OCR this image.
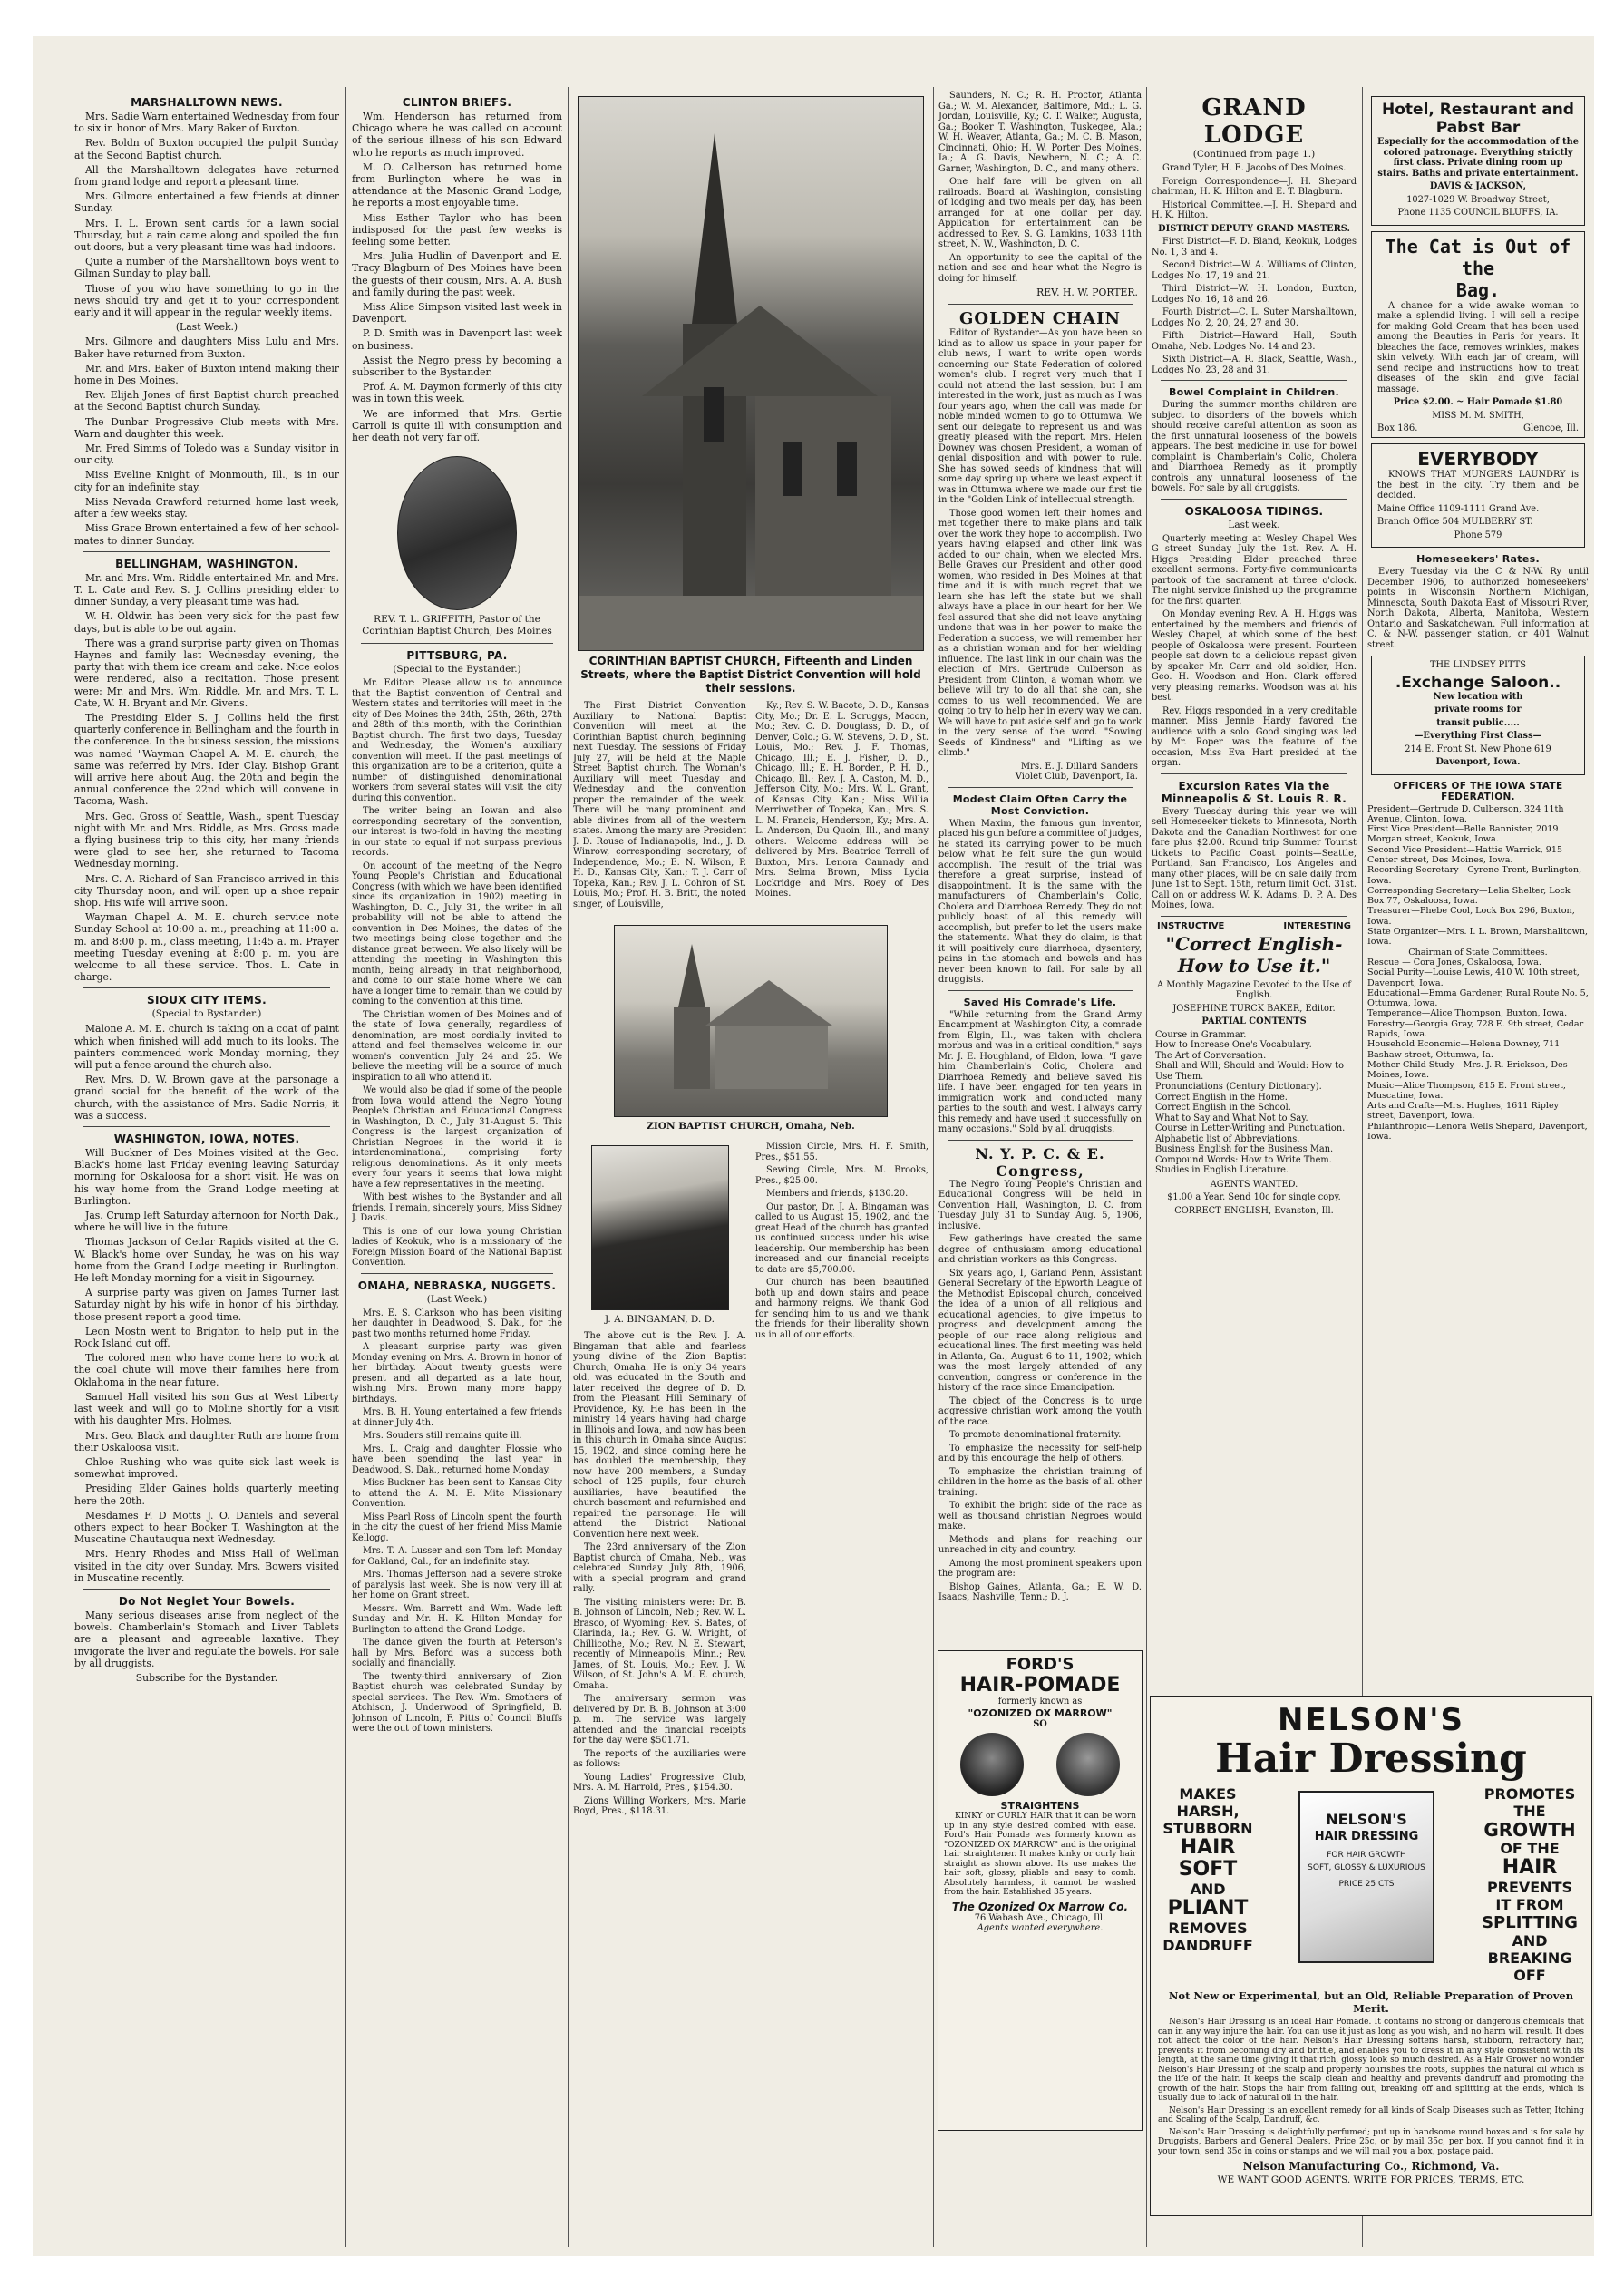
MARSHALLTOWN NEWS.

Mrs. Sadie Warn entertained Wednesday from four to six in honor of Mrs. Mary Baker of Buxton.

Rev. Boldn of Buxton occupied the pulpit Sunday at the Second Baptist church.

All the Marshalltown delegates have returned from grand lodge and report a pleasant time.

Mrs. Gilmore entertained a few friends at dinner Sunday.

Mrs. I. L. Brown sent cards for a lawn social Thursday, but a rain came along and spoiled the fun out doors, but a very pleasant time was had indoors.

Quite a number of the Marshalltown boys went to Gilman Sunday to play ball.

Those of you who have something to go in the news should try and get it to your correspondent early and it will appear in the regular weekly items.

(Last Week.)

Mrs. Gilmore and daughters Miss Lulu and Mrs. Baker have returned from Buxton.

Mr. and Mrs. Baker of Buxton intend making their home in Des Moines.

Rev. Elijah Jones of first Baptist church preached at the Second Baptist church Sunday.

The Dunbar Progressive Club meets with Mrs. Warn and daughter this week.

Mr. Fred Simms of Toledo was a Sunday visitor in our city.

Miss Eveline Knight of Monmouth, Ill., is in our city for an indefinite stay.

Miss Nevada Crawford returned home last week, after a few weeks stay.

Miss Grace Brown entertained a few of her school-mates to dinner Sunday.

BELLINGHAM, WASHINGTON.

Mr. and Mrs. Wm. Riddle entertained Mr. and Mrs. T. L. Cate and Rev. S. J. Collins presiding elder to dinner Sunday, a very pleasant time was had.

W. H. Oldwin has been very sick for the past few days, but is able to be out again.

There was a grand surprise party given on Thomas Haynes and family last Wednesday evening, the party that with them ice cream and cake. Nice eolos were rendered, also a recitation. Those present were: Mr. and Mrs. Wm. Riddle, Mr. and Mrs. T. L. Cate, W. H. Bryant and Mr. Givens.

The Presiding Elder S. J. Collins held the first quarterly conference in Bellingham and the fourth in the conference. In the business session, the missions was named "Wayman Chapel A. M. E. church, the same was referred by Mrs. Ider Clay. Bishop Grant will arrive here about Aug. the 20th and begin the annual conference the 22nd which will convene in Tacoma, Wash.

Mrs. Geo. Gross of Seattle, Wash., spent Tuesday night with Mr. and Mrs. Riddle, as Mrs. Gross made a flying business trip to this city, her many friends were glad to see her, she returned to Tacoma Wednesday morning.

Mrs. C. A. Richard of San Francisco arrived in this city Thursday noon, and will open up a shoe repair shop. His wife will arrive soon.

Wayman Chapel A. M. E. church service note Sunday School at 10:00 a. m., preaching at 11:00 a. m. and 8:00 p. m., class meeting, 11:45 a. m. Prayer meeting Tuesday evening at 8:00 p. m. you are welcome to all these service. Thos. L. Cate in charge.

SIOUX CITY ITEMS.
(Special to Bystander.)

Malone A. M. E. church is taking on a coat of paint which when finished will add much to its looks. The painters commenced work Monday morning, they will put a fence around the church also.

Rev. Mrs. D. W. Brown gave at the parsonage a grand social for the benefit of the work of the church, with the assistance of Mrs. Sadie Norris, it was a success.

WASHINGTON, IOWA, NOTES.

Will Buckner of Des Moines visited at the Geo. Black's home last Friday evening leaving Saturday morning for Oskaloosa for a short visit. He was on his way home from the Grand Lodge meeting at Burlington.

Jas. Crump left Saturday afternoon for North Dak., where he will live in the future.

Thomas Jackson of Cedar Rapids visited at the G. W. Black's home over Sunday, he was on his way home from the Grand Lodge meeting in Burlington. He left Monday morning for a visit in Sigourney.

A surprise party was given on James Turner last Saturday night by his wife in honor of his birthday, those present report a good time.

Leon Mostn went to Brighton to help put in the Rock Island cut off.

The colored men who have come here to work at the coal chute will move their families here from Oklahoma in the near future.

Samuel Hall visited his son Gus at West Liberty last week and will go to Moline shortly for a visit with his daughter Mrs. Holmes.

Mrs. Geo. Black and daughter Ruth are home from their Oskaloosa visit.

Chloe Rushing who was quite sick last week is somewhat improved.

Presiding Elder Gaines holds quarterly meeting here the 20th.

Mesdames F. D Motts J. O. Daniels and several others expect to hear Booker T. Washington at the Muscatine Chautauqua next Wednesday.

Mrs. Henry Rhodes and Miss Hall of Wellman visited in the city over Sunday. Mrs. Bowers visited in Muscatine recently.

Do Not Neglet Your Bowels.

Many serious diseases arise from neglect of the bowels. Chamberlain's Stomach and Liver Tablets are a pleasant and agreeable laxative. They invigorate the liver and regulate the bowels. For sale by all druggists.

Subscribe for the Bystander.

CLINTON BRIEFS.

Wm. Henderson has returned from Chicago where he was called on account of the serious illness of his son Edward who he reports as much improved.

M. O. Calberson has returned home from Burlington where he was in attendance at the Masonic Grand Lodge, he reports a most enjoyable time.

Miss Esther Taylor who has been indisposed for the past few weeks is feeling some better.

Mrs. Julia Hudlin of Davenport and E. Tracy Blagburn of Des Moines have been the guests of their cousin, Mrs. A. A. Bush and family during the past week.

Miss Alice Simpson visited last week in Davenport.

P. D. Smith was in Davenport last week on business.

Assist the Negro press by becoming a subscriber to the Bystander.

Prof. A. M. Daymon formerly of this city was in town this week.

We are informed that Mrs. Gertie Carroll is quite ill with consumption and her death not very far off.

REV. T. L. GRIFFITH, Pastor of the Corinthian Baptist Church, Des Moines
PITTSBURG, PA.
(Special to the Bystander.)

Mr. Editor: Please allow us to announce that the Baptist convention of Central and Western states and territories will meet in the city of Des Moines the 24th, 25th, 26th, 27th and 28th of this month, with the Corinthian Baptist church. The first two days, Tuesday and Wednesday, the Women's auxiliary convention will meet. If the past meetings of this organization are to be a criterion, quite a number of distinguished denominational workers from several states will visit the city during this convention.

The writer being an Iowan and also corresponding secretary of the convention, our interest is two-fold in having the meeting in our state to equal if not surpass previous records.

On account of the meeting of the Negro Young People's Christian and Educational Congress (with which we have been identified since its organization in 1902) meeting in Washington, D. C., July 31, the writer in all probability will not be able to attend the convention in Des Moines, the dates of the two meetings being close together and the distance great between. We also likely will be attending the meeting in Washington this month, being already in that neighborhood, and come to our state home where we can have a longer time to remain than we could by coming to the convention at this time.

The Christian women of Des Moines and of the state of Iowa generally, regardless of denomination, are most cordially invited to attend and feel themselves welcome in our women's convention July 24 and 25. We believe the meeting will be a source of much inspiration to all who attend it.

We would also be glad if some of the people from Iowa would attend the Negro Young People's Christian and Educational Congress in Washington, D. C., July 31-August 5. This Congress is the largest organization of Christian Negroes in the world—it is interdenominational, comprising forty religious denominations. As it only meets every four years it seems that Iowa might have a few representatives in the meeting.

With best wishes to the Bystander and all friends, I remain, sincerely yours, Miss Sidney J. Davis.

This is one of our Iowa young Christian ladies of Keokuk, who is a missionary of the Foreign Mission Board of the National Baptist Convention.

OMAHA, NEBRASKA, NUGGETS.
(Last Week.)

Mrs. E. S. Clarkson who has been visiting her daughter in Deadwood, S. Dak., for the past two months returned home Friday.

A pleasant surprise party was given Monday evening on Mrs. A. Brown in honor of her birthday. About twenty guests were present and all departed as a late hour, wishing Mrs. Brown many more happy birthdays.

Mrs. B. H. Young entertained a few friends at dinner July 4th.

Mrs. Souders still remains quite ill.

Mrs. L. Craig and daughter Flossie who have been spending the last year in Deadwood, S. Dak., returned home Monday.

Miss Buckner has been sent to Kansas City to attend the A. M. E. Mite Missionary Convention.

Miss Pearl Ross of Lincoln spent the fourth in the city the guest of her friend Miss Mamie Kellogg.

Mrs. T. A. Lusser and son Tom left Monday for Oakland, Cal., for an indefinite stay.

Mrs. Thomas Jefferson had a severe stroke of paralysis last week. She is now very ill at her home on Grant street.

Messrs. Wm. Barrett and Wm. Wade left Sunday and Mr. H. K. Hilton Monday for Burlington to attend the Grand Lodge.

The dance given the fourth at Peterson's hall by Mrs. Beford was a success both socially and financially.

The twenty-third anniversary of Zion Baptist church was celebrated Sunday by special services. The Rev. Wm. Smothers of Atchison, J. Underwood of Springfield, B. Johnson of Lincoln, F. Pitts of Council Bluffs were the out of town ministers.

CORINTHIAN BAPTIST CHURCH, Fifteenth and Linden Streets, where the Baptist District Convention will hold their sessions.

The First District Convention Auxiliary to National Baptist Convention will meet at the Corinthian Baptist church, beginning next Tuesday. The sessions of Friday July 27, will be held at the Maple Street Baptist church. The Woman's Auxiliary will meet Tuesday and Wednesday and the convention proper the remainder of the week. There will be many prominent and able divines from all of the western states. Among the many are President J. D. Rouse of Indianapolis, Ind., J. D. Winrow, corresponding secretary, of Independence, Mo.; E. N. Wilson, P. H. D., Kansas City, Kan.; T. J. Carr of Topeka, Kan.; Rev. J. L. Cohron of St. Louis, Mo.; Prof. H. B. Britt, the noted singer, of Louisville,

Ky.; Rev. S. W. Bacote, D. D., Kansas City, Mo.; Dr. E. L. Scruggs, Macon, Mo.; Rev. C. D. Douglass, D. D., of Denver, Colo.; G. W. Stevens, D. D., St. Louis, Mo.; Rev. J. F. Thomas, Chicago, Ill.; E. J. Fisher, D. D., Chicago, Ill.; E. H. Borden, P. H. D., Chicago, Ill.; Rev. J. A. Caston, M. D., Jefferson City, Mo.; Mrs. W. L. Grant, of Kansas City, Kan.; Miss Willia Merriwether of Topeka, Kan.; Mrs. S. L. M. Francis, Henderson, Ky.; Mrs. A. L. Anderson, Du Quoin, Ill., and many others. Welcome address will be delivered by Mrs. Beatrice Terrell of Buxton, Mrs. Lenora Cannady and Mrs. Selma Brown, Miss Lydia Lockridge and Mrs. Roey of Des Moines.

ZION BAPTIST CHURCH, Omaha, Neb.
J. A. BINGAMAN, D. D.

The above cut is the Rev. J. A. Bingaman that able and fearless young divine of the Zion Baptist Church, Omaha. He is only 34 years old, was educated in the South and later received the degree of D. D. from the Pleasant Hill Seminary of Providence, Ky. He has been in the ministry 14 years having had charge in Illinois and Iowa, and now has been in this church in Omaha since August 15, 1902, and since coming here he has doubled the membership, they now have 200 members, a Sunday school of 125 pupils, four church auxiliaries, have beautified the church basement and refurnished and repaired the parsonage. He will attend the District National Convention here next week.

The 23rd anniversary of the Zion Baptist church of Omaha, Neb., was celebrated Sunday July 8th, 1906, with a special program and grand rally.

The visiting ministers were: Dr. B. B. Johnson of Lincoln, Neb.; Rev. W. L. Brasco, of Wyoming; Rev. S. Bates, of Clarinda, Ia.; Rev. G. W. Wright, of Chillicothe, Mo.; Rev. N. E. Stewart, recently of Minneapolis, Minn.; Rev. James, of St. Louis, Mo.; Rev. J. W. Wilson, of St. John's A. M. E. church, Omaha.

The anniversary sermon was delivered by Dr. B. B. Johnson at 3:00 p. m. The service was largely attended and the financial receipts for the day were $501.71.

The reports of the auxiliaries were as follows:

Young Ladies' Progressive Club, Mrs. A. M. Harrold, Pres., $154.30.

Zions Willing Workers, Mrs. Marie Boyd, Pres., $118.31.

Mission Circle, Mrs. H. F. Smith, Pres., $51.55.

Sewing Circle, Mrs. M. Brooks, Pres., $25.00.

Members and friends, $130.20.

Our pastor, Dr. J. A. Bingaman was called to us August 15, 1902, and the great Head of the church has granted us continued success under his wise leadership. Our membership has been increased and our financial receipts to date are $5,700.00.

Our church has been beautified both up and down stairs and peace and harmony reigns. We thank God for sending him to us and we thank the friends for their liberality shown us in all of our efforts.

Saunders, N. C.; R. H. Proctor, Atlanta Ga.; W. M. Alexander, Baltimore, Md.; L. G. Jordan, Louisville, Ky.; C. T. Walker, Augusta, Ga.; Booker T. Washington, Tuskegee, Ala.; W. H. Weaver, Atlanta, Ga.; M. C. B. Mason, Cincinnati, Ohio; H. W. Porter Des Moines, Ia.; A. G. Davis, Newbern, N. C.; A. C. Garner, Washington, D. C., and many others.

One half fare will be given on all railroads. Board at Washington, consisting of lodging and two meals per day, has been arranged for at one dollar per day. Application for entertainment can be addressed to Rev. S. G. Lamkins, 1033 11th street, N. W., Washington, D. C.

An opportunity to see the capital of the nation and see and hear what the Negro is doing for himself.

REV. H. W. PORTER.
GOLDEN CHAIN

Editor of Bystander—As you have been so kind as to allow us space in your paper for club news, I want to write open words concerning our State Federation of colored women's club. I regret very much that I could not attend the last session, but I am interested in the work, just as much as I was four years ago, when the call was made for noble minded women to go to Ottumwa. We sent our delegate to represent us and was greatly pleased with the report. Mrs. Helen Downey was chosen President, a woman of genial disposition and with power to rule. She has sowed seeds of kindness that will some day spring up where we least expect it was in Ottumwa where we made our first tie in the "Golden Link of intellectual strength.

Those good women left their homes and met together there to make plans and talk over the work they hope to accomplish. Two years having elapsed and other link was added to our chain, when we elected Mrs. Belle Graves our President and other good women, who resided in Des Moines at that time and it is with much regret that we learn she has left the state but we shall always have a place in our heart for her. We feel assured that she did not leave anything undone that was in her power to make the Federation a success, we will remember her as a christian woman and for her wielding influence. The last link in our chain was the election of Mrs. Gertrude Culberson as President from Clinton, a woman whom we believe will try to do all that she can, she comes to us well recommended. We are going to try to help her in every way we can. We will have to put aside self and go to work in the very sense of the word. "Sowing Seeds of Kindness" and "Lifting as we climb."

Mrs. E. J. Dillard Sanders
Violet Club, Davenport, Ia.
Modest Claim Often Carry the Most Conviction.

When Maxim, the famous gun inventor, placed his gun before a committee of judges, he stated its carrying power to be much below what he felt sure the gun would accomplish. The result of the trial was therefore a great surprise, instead of disappointment. It is the same with the manufacturers of Chamberlain's Colic, Cholera and Diarrhoea Remedy. They do not publicly boast of all this remedy will accomplish, but prefer to let the users make the statements. What they do claim, is that it will positively cure diarrhoea, dysentery, pains in the stomach and bowels and has never been known to fail. For sale by all druggists.

Saved His Comrade's Life.

"While returning from the Grand Army Encampment at Washington City, a comrade from Elgin, Ill., was taken with cholera morbus and was in a critical condition," says Mr. J. E. Houghland, of Eldon, Iowa. "I gave him Chamberlain's Colic, Cholera and Diarrhoea Remedy and believe saved his life. I have been engaged for ten years in immigration work and conducted many parties to the south and west. I always carry this remedy and have used it successfully on many occasions." Sold by all druggists.

N. Y. P. C. & E. Congress,

The Negro Young People's Christian and Educational Congress will be held in Convention Hall, Washington, D. C. from Tuesday July 31 to Sunday Aug. 5, 1906, inclusive.

Few gatherings have created the same degree of enthusiasm among educational and christian workers as this Congress.

Six years ago, I, Garland Penn, Assistant General Secretary of the Epworth League of the Methodist Episcopal church, conceived the idea of a union of all religious and educational agencies, to give impetus to progress and development among the people of our race along religious and educational lines. The first meeting was held in Atlanta, Ga., August 6 to 11, 1902; which was the most largely attended of any convention, congress or conference in the history of the race since Emancipation.

The object of the Congress is to urge aggressive christian work among the youth of the race.

To promote denominational fraternity.

To emphasize the necessity for self-help and by this encourage the help of others.

To emphasize the christian training of children in the home as the basis of all other training.

To exhibit the bright side of the race as well as thousand christian Negroes would make.

Methods and plans for reaching our unreached in city and country.

Among the most prominent speakers upon the program are:

Bishop Gaines, Atlanta, Ga.; E. W. D. Isaacs, Nashville, Tenn.; D. J.

GRAND LODGE
(Continued from page 1.)

Grand Tyler, H. E. Jacobs of Des Moines.

Foreign Correspondence—J. H. Shepard chairman, H. K. Hilton and E. T. Blagburn.

Historical Committee.—J. H. Shepard and H. K. Hilton.

DISTRICT DEPUTY GRAND MASTERS.

First District—F. D. Bland, Keokuk, Lodges No. 1, 3 and 4.

Second District—W. A. Williams of Clinton, Lodges No. 17, 19 and 21.

Third District—W. H. London, Buxton, Lodges No. 16, 18 and 26.

Fourth District—C. L. Suter Marshalltown, Lodges No. 2, 20, 24, 27 and 30.

Fifth District—Haward Hall, South Omaha, Neb. Lodges No. 14 and 23.

Sixth District—A. R. Black, Seattle, Wash., Lodges No. 23, 28 and 31.

Bowel Complaint in Children.

During the summer months children are subject to disorders of the bowels which should receive careful attention as soon as the first unnatural looseness of the bowels appears. The best medicine in use for bowel complaint is Chamberlain's Colic, Cholera and Diarrhoea Remedy as it promptly controls any unnatural looseness of the bowels. For sale by all druggists.

OSKALOOSA TIDINGS.
Last week.

Quarterly meeting at Wesley Chapel Wes G street Sunday July the 1st. Rev. A. H. Higgs Presiding Elder preached three excellent sermons. Forty-five communicants partook of the sacrament at three o'clock. The night service finished up the programme for the first quarter.

On Monday evening Rev. A. H. Higgs was entertained by the members and friends of Wesley Chapel, at which some of the best people of Oskaloosa were present. Fourteen people sat down to a delicious repast given by speaker Mr. Carr and old soldier, Hon. Geo. H. Woodson and Hon. Clark offered very pleasing remarks. Woodson was at his best.

Rev. Higgs responded in a very creditable manner. Miss Jennie Hardy favored the audience with a solo. Good singing was led by Mr. Roper was the feature of the occasion, Miss Eva Hart presided at the organ.

Excursion Rates Via the Minneapolis & St. Louis R. R.

Every Tuesday during this year we will sell Homeseeker tickets to Minnesota, North Dakota and the Canadian Northwest for one fare plus $2.00. Round trip Summer Tourist tickets to Pacific Coast points—Seattle, Portland, San Francisco, Los Angeles and many other places, will be on sale daily from June 1st to Sept. 15th, return limit Oct. 31st. Call on or address W. K. Adams, D. P. A. Des Moines, Iowa.

INSTRUCTIVE	INTERESTING
"Correct English-
How to Use it."

A Monthly Magazine Devoted to the Use of English.

JOSEPHINE TURCK BAKER, Editor.

PARTIAL CONTENTS

Course in Grammar.
How to Increase One's Vocabulary.
The Art of Conversation.
Shall and Will; Should and Would: How to Use Them.
Pronunciations (Century Dictionary).
Correct English in the Home.
Correct English in the School.
What to Say and What Not to Say.
Course in Letter-Writing and Punctuation.
Alphabetic list of Abbreviations.
Business English for the Business Man.
Compound Words: How to Write Them.
Studies in English Literature.

AGENTS WANTED.

$1.00 a Year. Send 10c for single copy.

CORRECT ENGLISH, Evanston, Ill.

Hotel, Restaurant and
Pabst Bar

Especially for the accommodation of the colored patronage. Everything strictly first class. Private dining room up stairs. Baths and private entertainment.

DAVIS & JACKSON,

1027-1029 W. Broadway Street,

Phone 1135 COUNCIL BLUFFS, IA.

The Cat is Out of the
Bag.

A chance for a wide awake woman to make a splendid living. I will sell a recipe for making Gold Cream that has been used among the Beauties in Paris for years. It bleaches the face, removes wrinkles, makes skin velvety. With each jar of cream, will send recipe and instructions how to treat diseases of the skin and give facial massage.

Price $2.00. ~ Hair Pomade $1.80

MISS M. M. SMITH,

Box 186.	Glencoe, Ill.
EVERYBODY

KNOWS THAT MUNGERS LAUNDRY is the best in the city. Try them and be decided.

Maine Office 1109-1111 Grand Ave.

Branch Office 504 MULBERRY ST.

Phone 579

Homeseekers' Rates.

Every Tuesday via the C & N-W. Ry until December 1906, to authorized homeseekers' points in Wisconsin Northern Michigan, Minnesota, South Dakota East of Missouri River, North Dakota, Alberta, Manitoba, Western Ontario and Saskatchewan. Full information at C. & N-W. passenger station, or 401 Walnut street.

THE LINDSEY PITTS

.Exchange Saloon..

New location with

private rooms for

transit public.....

—Everything First Class—

214 E. Front St. New Phone 619

Davenport, Iowa.

OFFICERS OF THE IOWA STATE FEDERATION.
President—Gertrude D. Culberson, 324 11th Avenue, Clinton, Iowa.
First Vice President—Belle Bannister, 2019 Morgan street, Keokuk, Iowa.
Second Vice President—Hattie Warrick, 915 Center street, Des Moines, Iowa.
Recording Secretary—Cyrene Trent, Burlington, Iowa.
Corresponding Secretary—Lelia Shelter, Lock Box 77, Oskaloosa, Iowa.
Treasurer—Phebe Cool, Lock Box 296, Buxton, Iowa.
State Organizer—Mrs. I. L. Brown, Marshalltown, Iowa.
Chairman of State Committees.
Rescue — Cora Jones, Oskaloosa, Iowa.
Social Purity—Louise Lewis, 410 W. 10th street, Davenport, Iowa.
Educational—Emma Gardener, Rural Route No. 5, Ottumwa, Iowa.
Temperance—Alice Thompson, Buxton, Iowa.
Forestry—Georgia Gray, 728 E. 9th street, Cedar Rapids, Iowa.
Household Economic—Helena Downey, 711 Bashaw street, Ottumwa, Ia.
Mother Child Study—Mrs. J. R. Erickson, Des Moines, Iowa.
Music—Alice Thompson, 815 E. Front street, Muscatine, Iowa.
Arts and Crafts—Mrs. Hughes, 1611 Ripley street, Davenport, Iowa.
Philanthropic—Lenora Wells Shepard, Davenport, Iowa.
FORD'S
HAIR-POMADE
formerly known as
"OZONIZED OX MARROW"
SO
STRAIGHTENS

KINKY or CURLY HAIR that it can be worn up in any style desired combed with ease. Ford's Hair Pomade was formerly known as "OZONIZED OX MARROW" and is the original hair straightener. It makes kinky or curly hair straight as shown above. Its use makes the hair soft, glossy, pliable and easy to comb. Absolutely harmless, it cannot be washed from the hair. Established 35 years.

The Ozonized Ox Marrow Co.
76 Wabash Ave., Chicago, Ill.
Agents wanted everywhere.
NELSON'S
Hair Dressing
MAKES
HARSH,
STUBBORN
HAIR
SOFT
AND
PLIANT
REMOVES
DANDRUFF
NELSON'S
HAIR DRESSING
FOR HAIR GROWTH
SOFT, GLOSSY & LUXURIOUS
PRICE 25 CTS
PROMOTES
THE
GROWTH
OF THE
HAIR
PREVENTS
IT FROM
SPLITTING
AND
BREAKING
OFF
Not New or Experimental, but an Old, Reliable Preparation of Proven Merit.

Nelson's Hair Dressing is an ideal Hair Pomade. It contains no strong or dangerous chemicals that can in any way injure the hair. You can use it just as long as you wish, and no harm will result. It does not affect the color of the hair. Nelson's Hair Dressing softens harsh, stubborn, refractory hair, prevents it from becoming dry and brittle, and enables you to dress it in any style consistent with its length, at the same time giving it that rich, glossy look so much desired. As a Hair Grower no wonder Nelson's Hair Dressing of the scalp and properly nourishes the roots, supplies the natural oil which is the life of the hair. It keeps the scalp clean and healthy and prevents dandruff and promoting the growth of the hair. Stops the hair from falling out, breaking off and splitting at the ends, which is usually due to lack of natural oil in the hair.

Nelson's Hair Dressing is an excellent remedy for all kinds of Scalp Diseases such as Tetter, Itching and Scaling of the Scalp, Dandruff, &c.

Nelson's Hair Dressing is delightfully perfumed; put up in handsome round boxes and is for sale by Druggists, Barbers and General Dealers. Price 25c, or by mail 35c, per box. If you cannot find it in your town, send 35c in coins or stamps and we will mail you a box, postage paid.

Nelson Manufacturing Co., Richmond, Va.
WE WANT GOOD AGENTS. WRITE FOR PRICES, TERMS, ETC.
